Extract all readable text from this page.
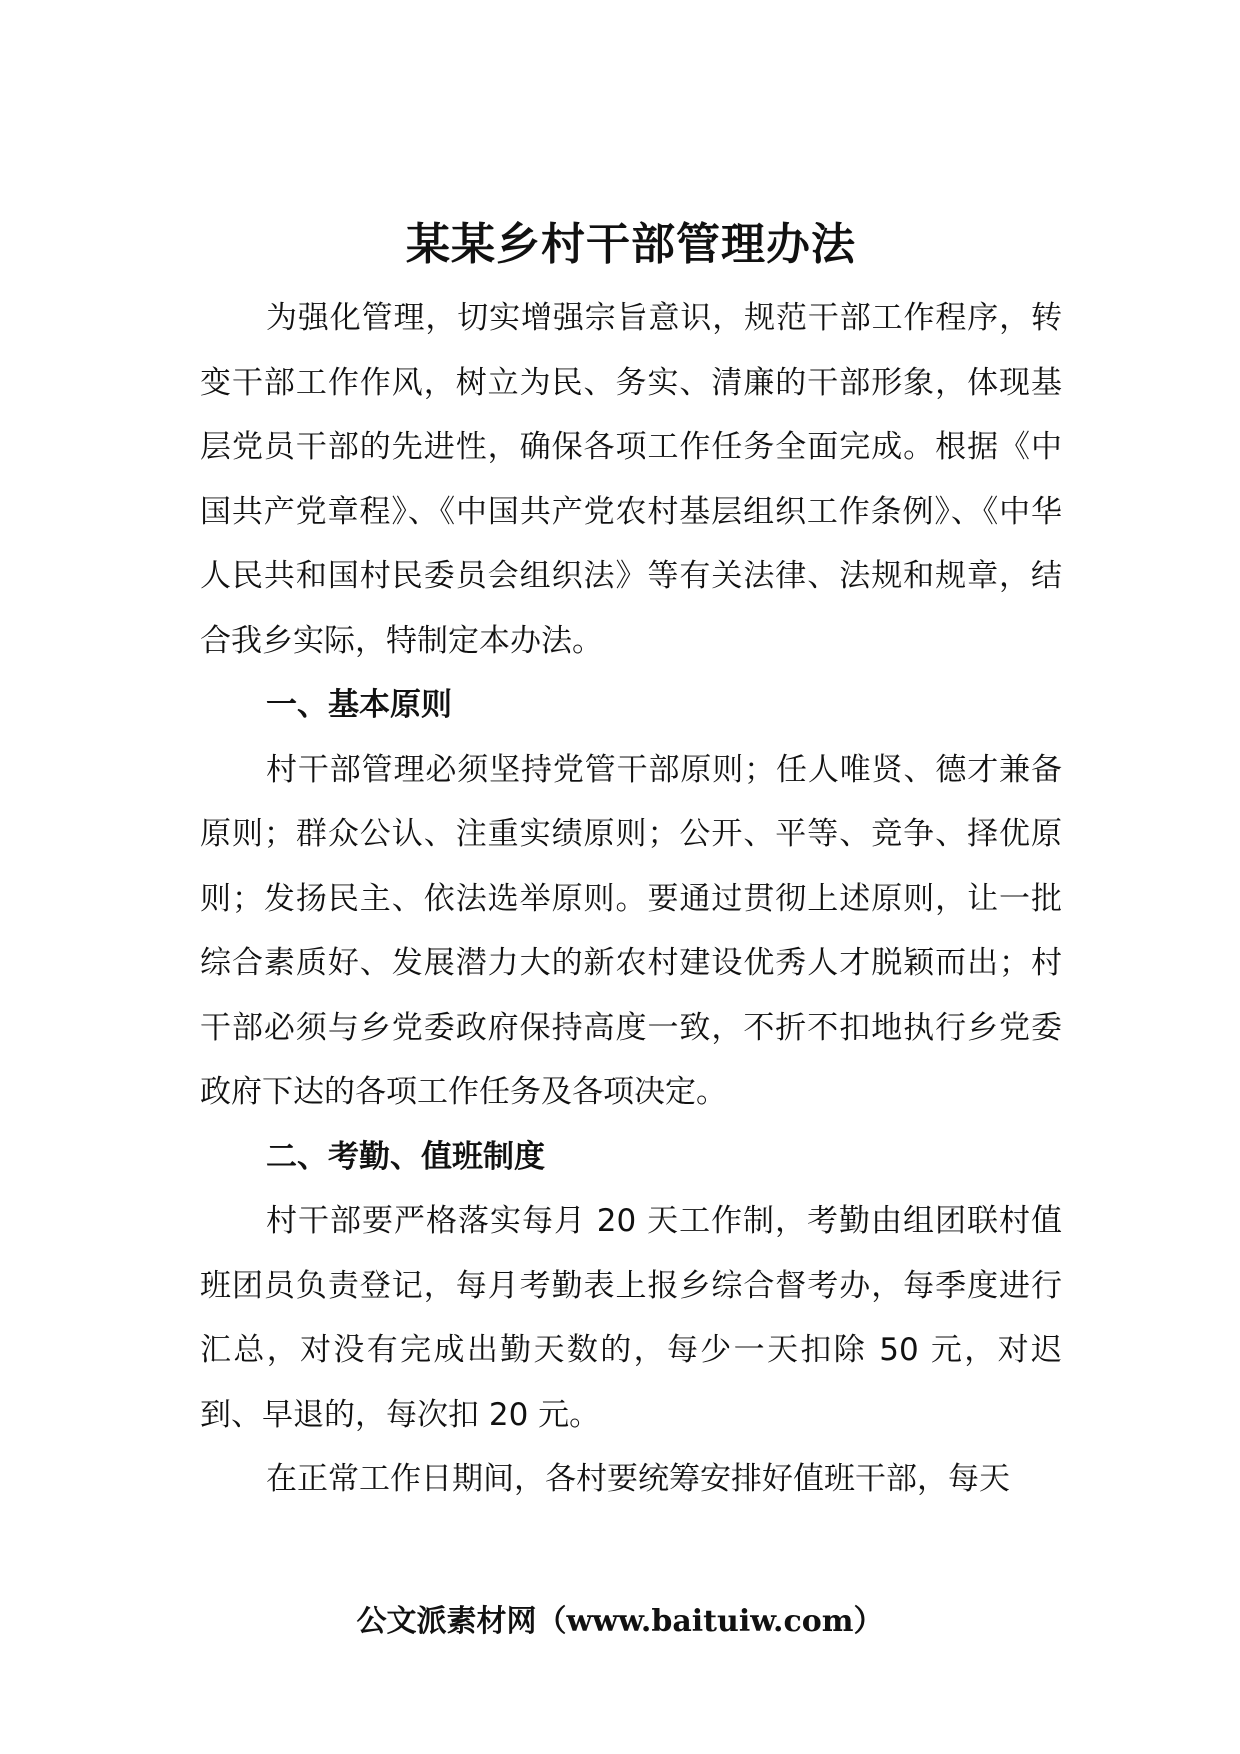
某某乡村干部管理办法

为强化管理，切实增强宗旨意识，规范干部工作程序，转变干部工作作风，树立为民、务实、清廉的干部形象，体现基层党员干部的先进性，确保各项工作任务全面完成。根据《中国共产党章程》、《中国共产党农村基层组织工作条例》、《中华人民共和国村民委员会组织法》等有关法律、法规和规章，结合我乡实际，特制定本办法。

一、基本原则

村干部管理必须坚持党管干部原则；任人唯贤、德才兼备原则；群众公认、注重实绩原则；公开、平等、竞争、择优原则；发扬民主、依法选举原则。要通过贯彻上述原则，让一批综合素质好、发展潜力大的新农村建设优秀人才脱颖而出；村干部必须与乡党委政府保持高度一致，不折不扣地执行乡党委政府下达的各项工作任务及各项决定。

二、考勤、值班制度

村干部要严格落实每月 20 天工作制，考勤由组团联村值班团员负责登记，每月考勤表上报乡综合督考办，每季度进行汇总，对没有完成出勤天数的，每少一天扣除 50 元，对迟到、早退的，每次扣 20 元。

在正常工作日期间，各村要统筹安排好值班干部，每天

公文派素材网（www.baituiw.com）
